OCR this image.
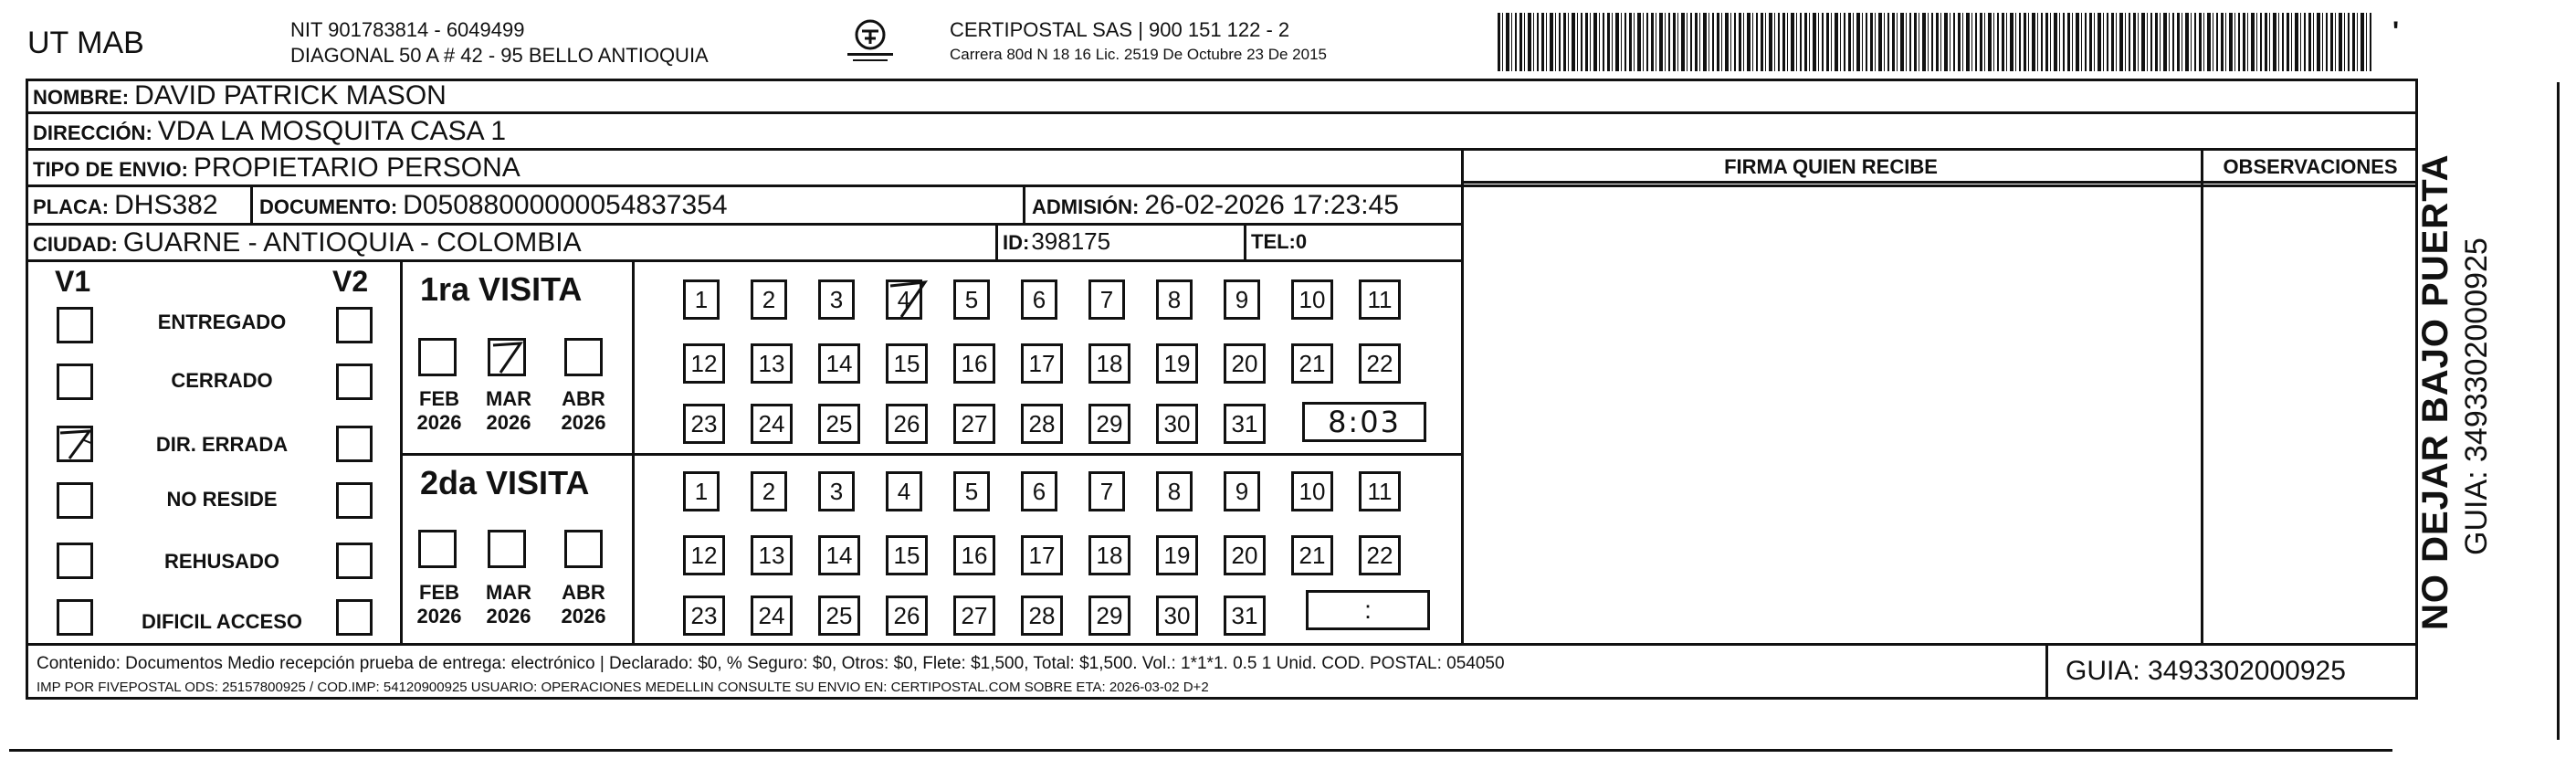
UT MAB	NIT 901783814 - 6049499
DIAGONAL 50 A # 42 - 95 BELLO ANTIOQUIA
CERTIPOSTAL SAS | 900 151 122 - 2
Carrera 80d N 18 16 Lic. 2519 De Octubre 23 De 2015
'
NOMBRE: DAVID PATRICK MASON
DIRECCIÓN: VDA LA MOSQUITA CASA 1
TIPO DE ENVIO: PROPIETARIO PERSONA
PLACA: DHS382 DOCUMENTO: D05088000000054837354	ADMISIÓN: 26-02-2026 17:23:45
CIUDAD: GUARNE - ANTIOQUIA - COLOMBIA	ID: 398175	TEL: 0
FIRMA QUIEN RECIBE	OBSERVACIONES
V1	V2
ENTREGADO
CERRADO
DIR. ERRADA
NO RESIDE
REHUSADO
DIFICIL ACCESO
1ra VISITA
FEB
2026
MAR
2026
ABR
2026
1 2 3 4 5 6 7 8 9 10 11
12 13 14 15 16 17 18 19 20 21 22
23 24 25 26 27 28 29 30 31 8:03
2da VISITA
FEB
2026
MAR
2026
ABR
2026
1 2 3 4 5 6 7 8 9 10 11
12 13 14 15 16 17 18 19 20 21 22
23 24 25 26 27 28 29 30 31	:
Contenido: Documentos Medio recepción prueba de entrega: electrónico | Declarado: $0, % Seguro: $0, Otros: $0, Flete: $1,500, Total: $1,500. Vol.: 1*1*1. 0.5 1 Unid. COD. POSTAL: 054050
IMP POR FIVEPOSTAL ODS: 25157800925 / COD.IMP: 54120900925 USUARIO: OPERACIONES MEDELLIN CONSULTE SU ENVIO EN: CERTIPOSTAL.COM SOBRE ETA: 2026-03-02 D+2
GUIA: 3493302000925
NO DEJAR BAJO PUERTA GUIA: 3493302000925
